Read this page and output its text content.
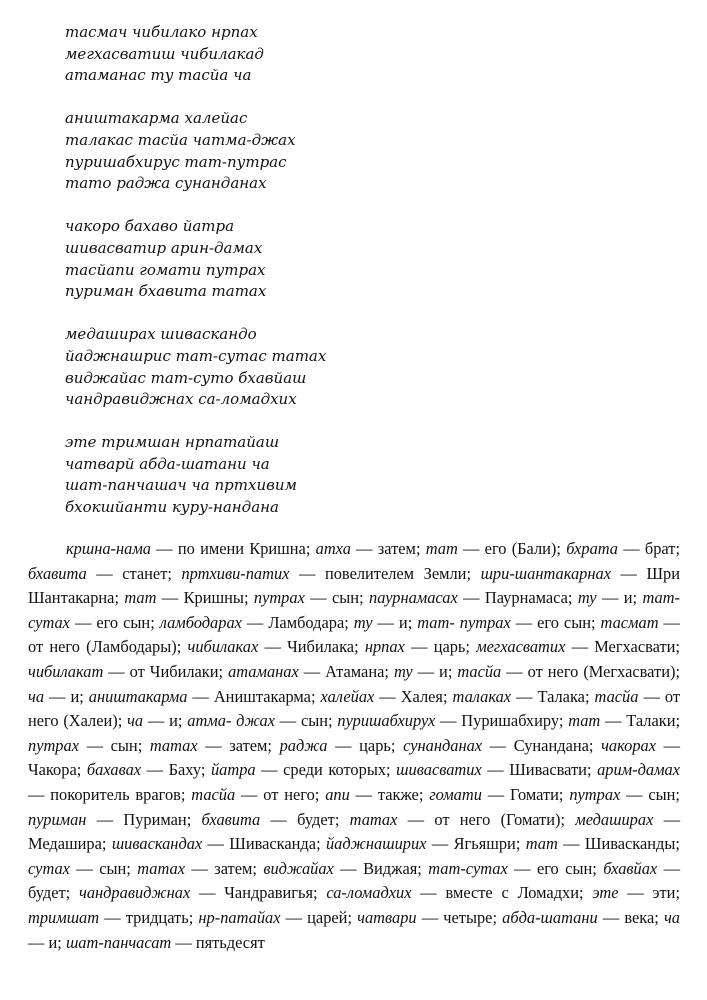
тасмач чибилако нрпах
мегхасватиш чибилакад
атаманас ту тасйа ча
аништакарма халейас
талакас тасйа чатма-джах
пуришабхирус тат-путрас
тато раджа сунанданах
чакоро бахаво йатра
шивасватир арин-дамах
тасйапи гомати путрах
пуриман бхавита татах
медаширах шиваскандо
йаджнашрис тат-сутас татах
виджайас тат-суто бхавйаш
чандравиджнах са-ломадхих
эте тримшан нрпатайаш
чатварй абда-шатани ча
шат-панчашач ча пртхивим
бхокшйанти куру-нандана

кршна-нама — по имени Кришна; атха — затем; тат — его (Бали); бхрата — брат; бхавита — станет; пртхиви-патих — повелителем Земли; шри-шантакарнах — Шри Шантакарна; тат — Кришны; путрах — сын; паурнамасах — Паурнамаса; ту — и; тат- сутах — его сын; ламбодарах — Ламбодара; ту — и; тат- путрах — его сын; тасмат — от него (Ламбодары); чибилаках — Чибилака; нрпах — царь; мегхасватих — Мегхасвати; чибилакат — от Чибилаки; атаманах — Атамана; ту — и; тасйа — от него (Мегхасвати); ча — и; аништакарма — Аништакарма; халейах — Халея; талаках — Талака; тасйа — от него (Халеи); ча — и; атма- джах — сын; пуришабхирух — Пуришабхиру; тат — Талаки; путрах — сын; татах — затем; раджа — царь; сунанданах — Сунандана; чакорах — Чакора; бахавах — Баху; йатра — среди которых; шивасватих — Шивасвати; арим-дамах — покоритель врагов; тасйа — от него; апи — также; гомати — Гомати; путрах — сын; пуриман — Пуриман; бхавита — будет; татах — от него (Гомати); медаширах — Медашира; шиваскандах — Шиваскандa; йаджнаширих — Ягьяшри; тат — Шивасканды; сутах — сын; татах — затем; виджайах — Виджая; тат-сутах — его сын; бхавйах — будет; чандравиджнах — Чандравигья; са-ломадхих — вместе с Ломадхи; эте — эти; тримшат — тридцать; нр-патайах — царей; чатвари — четыре; абда-шатани — века; ча — и; шат-панчасат — пятьдесят
